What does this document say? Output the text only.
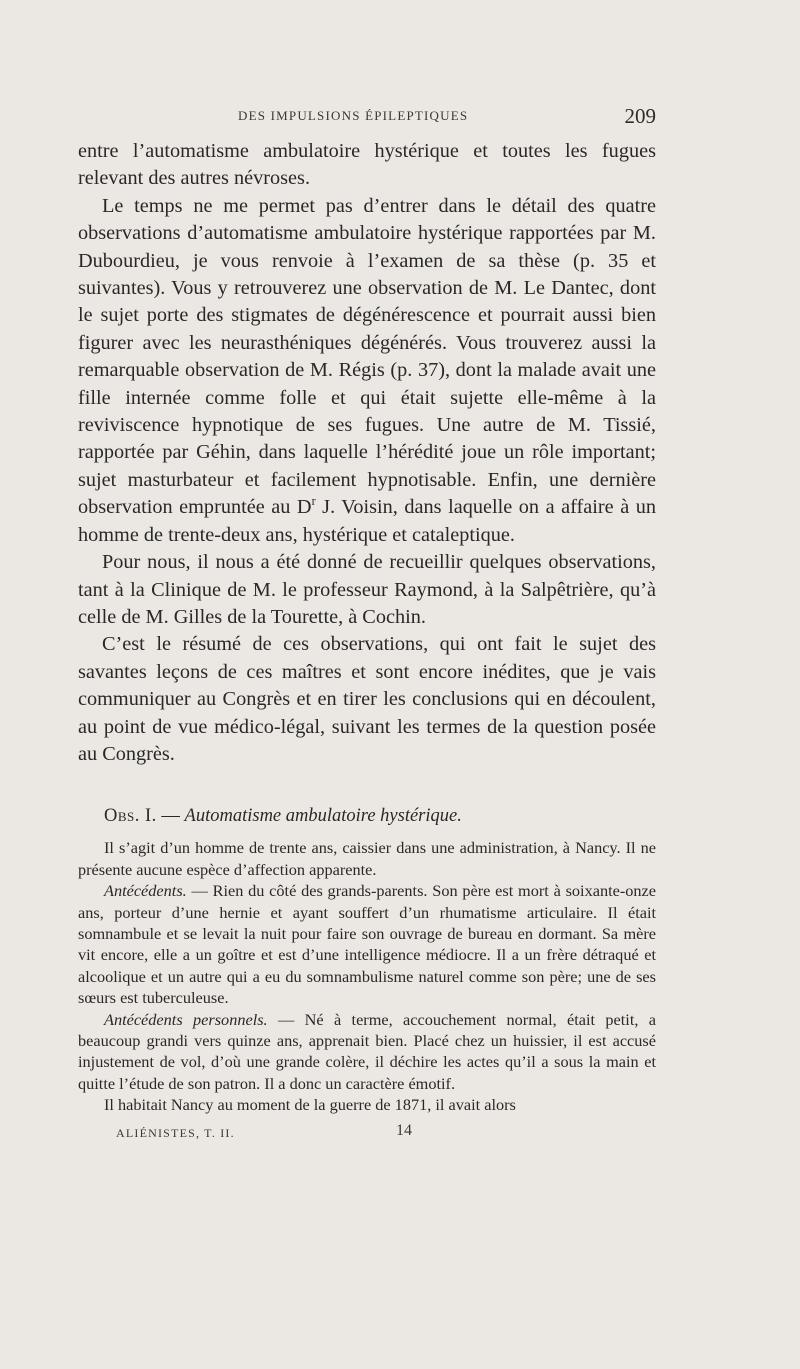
DES IMPULSIONS ÉPILEPTIQUES	209

entre l’automatisme ambulatoire hystérique et toutes les fugues relevant des autres névroses.

Le temps ne me permet pas d’entrer dans le détail des quatre observations d’automatisme ambulatoire hystérique rapportées par M. Dubourdieu, je vous renvoie à l’examen de sa thèse (p. 35 et suivantes). Vous y retrouverez une observation de M. Le Dantec, dont le sujet porte des stigmates de dégénérescence et pourrait aussi bien figurer avec les neurasthéniques dégénérés. Vous trouverez aussi la remarquable observation de M. Régis (p. 37), dont la malade avait une fille internée comme folle et qui était sujette elle-même à la reviviscence hypnotique de ses fugues. Une autre de M. Tissié, rapportée par Géhin, dans laquelle l’hérédité joue un rôle important; sujet masturbateur et facilement hypnotisable. Enfin, une dernière observation empruntée au $D^r$ J. Voisin, dans laquelle on a affaire à un homme de trente-deux ans, hystérique et cataleptique.

Pour nous, il nous a été donné de recueillir quelques observations, tant à la Clinique de M. le professeur Raymond, à la Salpêtrière, qu’à celle de M. Gilles de la Tourette, à Cochin.

C’est le résumé de ces observations, qui ont fait le sujet des savantes leçons de ces maîtres et sont encore inédites, que je vais communiquer au Congrès et en tirer les conclusions qui en découlent, au point de vue médico-légal, suivant les termes de la question posée au Congrès.

Obs. I. — Automatisme ambulatoire hystérique.

Il s’agit d’un homme de trente ans, caissier dans une administration, à Nancy. Il ne présente aucune espèce d’affection apparente.

Antécédents. — Rien du côté des grands-parents. Son père est mort à soixante-onze ans, porteur d’une hernie et ayant souffert d’un rhumatisme articulaire. Il était somnambule et se levait la nuit pour faire son ouvrage de bureau en dormant. Sa mère vit encore, elle a un goître et est d’une intelligence médiocre. Il a un frère détraqué et alcoolique et un autre qui a eu du somnambulisme naturel comme son père; une de ses sœurs est tuberculeuse.

Antécédents personnels. — Né à terme, accouchement normal, était petit, a beaucoup grandi vers quinze ans, apprenait bien. Placé chez un huissier, il est accusé injustement de vol, d’où une grande colère, il déchire les actes qu’il a sous la main et quitte l’étude de son patron. Il a donc un caractère émotif.

Il habitait Nancy au moment de la guerre de 1871, il avait alors

ALIÉNISTES, T. II.	14
